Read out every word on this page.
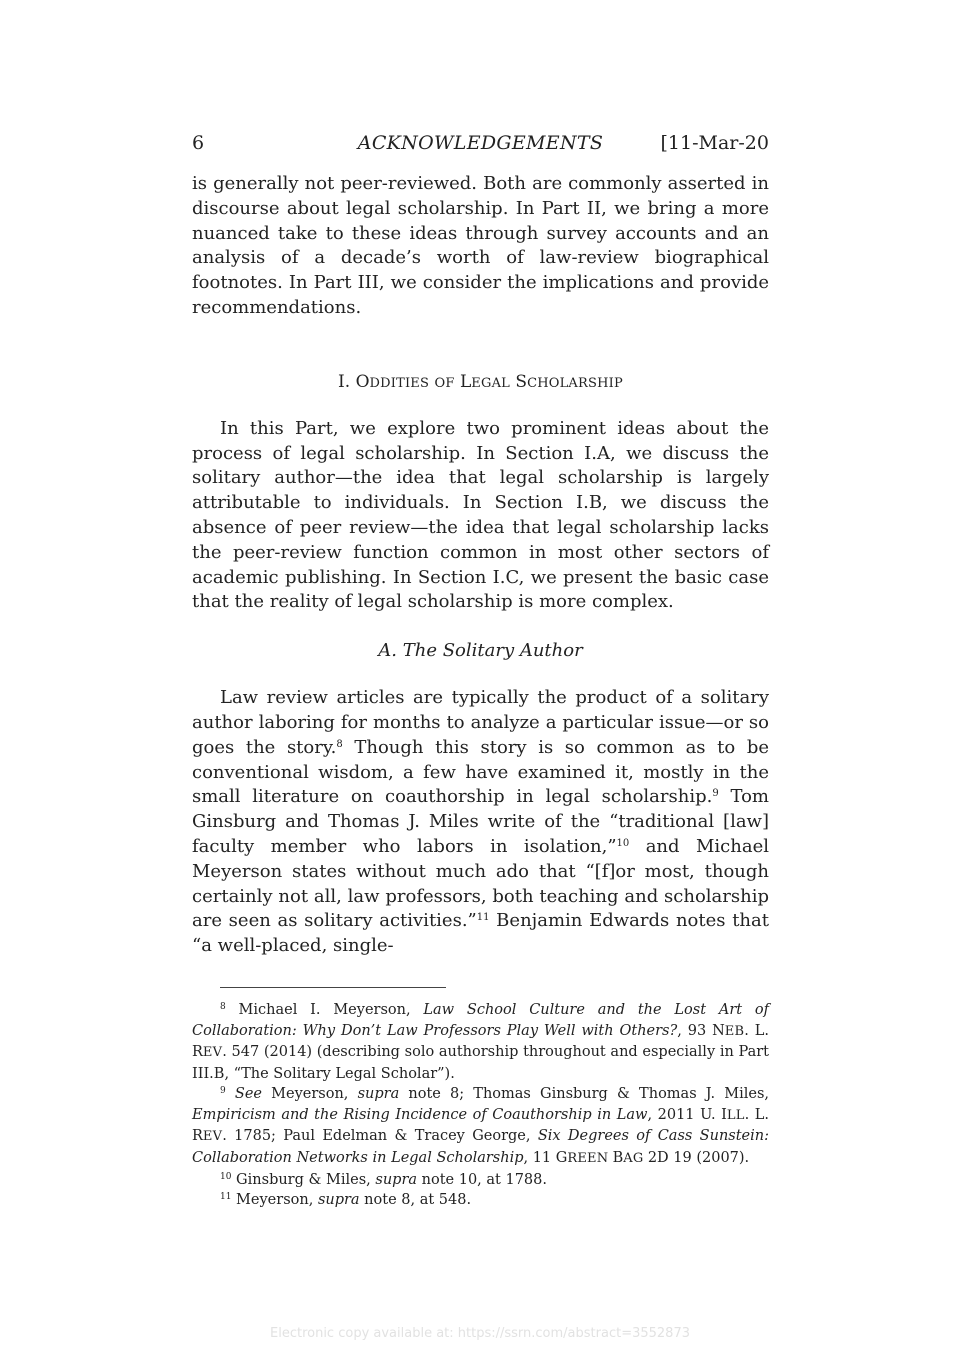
6	ACKNOWLEDGEMENTS	[11-Mar-20

is generally not peer-reviewed. Both are commonly asserted in discourse about legal scholarship. In Part II, we bring a more nuanced take to these ideas through survey accounts and an analysis of a decade’s worth of law-review biographical footnotes. In Part III, we consider the implications and provide recommendations.

I. ODDITIES OF LEGAL SCHOLARSHIP

In this Part, we explore two prominent ideas about the process of legal scholarship. In Section I.A, we discuss the solitary author—the idea that legal scholarship is largely attributable to individuals. In Section I.B, we discuss the absence of peer review—the idea that legal scholarship lacks the peer-review function common in most other sectors of academic publishing. In Section I.C, we present the basic case that the reality of legal scholarship is more complex.

A. The Solitary Author

Law review articles are typically the product of a solitary author laboring for months to analyze a particular issue—or so goes the story.$^8$ Though this story is so common as to be conventional wisdom, a few have examined it, mostly in the small literature on coauthorship in legal scholarship.$^9$ Tom Ginsburg and Thomas J. Miles write of the “traditional [law] faculty member who labors in isolation,”$^{10}$ and Michael Meyerson states without much ado that “[f]or most, though certainly not all, law professors, both teaching and scholarship are seen as solitary activities.”$^{11}$ Benjamin Edwards notes that “a well-placed, single-

$^8$ Michael I. Meyerson, Law School Culture and the Lost Art of Collaboration: Why Don’t Law Professors Play Well with Others?, 93 NEB. L. REV. 547 (2014) (describing solo authorship throughout and especially in Part III.B, “The Solitary Legal Scholar”).

$^9$ See Meyerson, supra note 8; Thomas Ginsburg & Thomas J. Miles, Empiricism and the Rising Incidence of Coauthorship in Law, 2011 U. ILL. L. REV. 1785; Paul Edelman & Tracey George, Six Degrees of Cass Sunstein: Collaboration Networks in Legal Scholarship, 11 GREEN BAG 2D 19 (2007).

$^{10}$ Ginsburg & Miles, supra note 10, at 1788.

$^{11}$ Meyerson, supra note 8, at 548.

Electronic copy available at: https://ssrn.com/abstract=3552873
